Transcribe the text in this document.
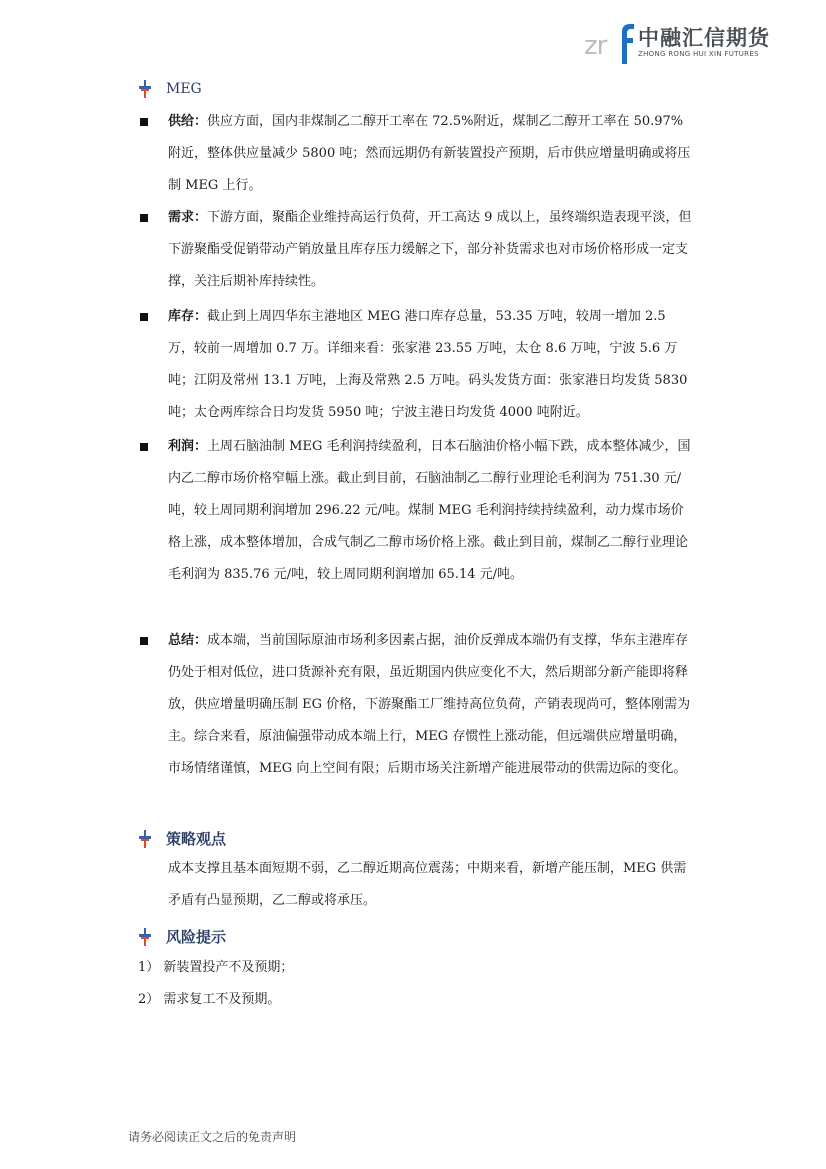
zr 中融汇信期货
ZHONG RONG HUI XIN FUTURES
MEG
供给：供应方面，国内非煤制乙二醇开工率在 72.5%附近，煤制乙二醇开工率在 50.97%附近，整体供应量减少 5800 吨；然而远期仍有新装置投产预期，后市供应增量明确或将压制 MEG 上行。
需求：下游方面，聚酯企业维持高运行负荷，开工高达 9 成以上，虽终端织造表现平淡，但下游聚酯受促销带动产销放量且库存压力缓解之下，部分补货需求也对市场价格形成一定支撑，关注后期补库持续性。
库存：截止到上周四华东主港地区 MEG 港口库存总量，53.35 万吨，较周一增加 2.5 万，较前一周增加 0.7 万。详细来看：张家港 23.55 万吨，太仓 8.6 万吨，宁波 5.6 万吨；江阴及常州 13.1 万吨，上海及常熟 2.5 万吨。码头发货方面：张家港日均发货 5830 吨；太仓两库综合日均发货 5950 吨；宁波主港日均发货 4000 吨附近。
利润：上周石脑油制 MEG 毛利润持续盈利，日本石脑油价格小幅下跌，成本整体减少，国内乙二醇市场价格窄幅上涨。截止到目前，石脑油制乙二醇行业理论毛利润为 751.30 元/吨，较上周同期利润增加 296.22 元/吨。煤制 MEG 毛利润持续持续盈利，动力煤市场价格上涨，成本整体增加，合成气制乙二醇市场价格上涨。截止到目前，煤制乙二醇行业理论毛利润为 835.76 元/吨，较上周同期利润增加 65.14 元/吨。
总结：成本端，当前国际原油市场利多因素占据，油价反弹成本端仍有支撑，华东主港库存仍处于相对低位，进口货源补充有限，虽近期国内供应变化不大，然后期部分新产能即将释放，供应增量明确压制 EG 价格，下游聚酯工厂维持高位负荷，产销表现尚可，整体刚需为主。综合来看，原油偏强带动成本端上行，MEG 存惯性上涨动能，但远端供应增量明确，市场情绪谨慎，MEG 向上空间有限；后期市场关注新增产能进展带动的供需边际的变化。
策略观点
成本支撑且基本面短期不弱，乙二醇近期高位震荡；中期来看，新增产能压制，MEG 供需矛盾有凸显预期，乙二醇或将承压。
风险提示
1） 新装置投产不及预期；
2） 需求复工不及预期。
请务必阅读正文之后的免责声明
